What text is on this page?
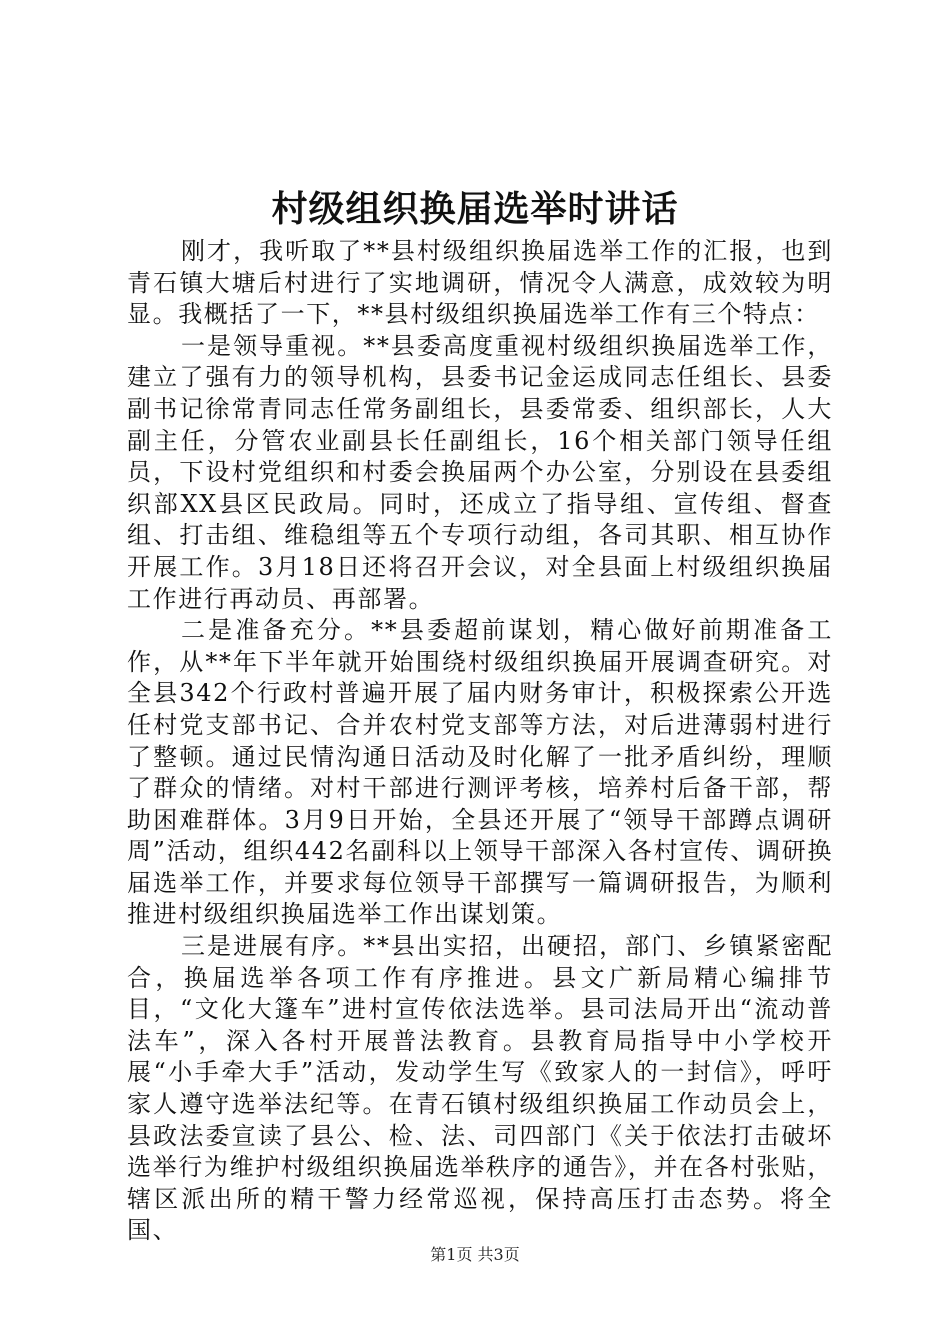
村级组织换届选举时讲话

刚才，我听取了**县村级组织换届选举工作的汇报，也到青石镇大塘后村进行了实地调研，情况令人满意，成效较为明显。我概括了一下，**县村级组织换届选举工作有三个特点：

一是领导重视。**县委高度重视村级组织换届选举工作，建立了强有力的领导机构，县委书记金运成同志任组长、县委副书记徐常青同志任常务副组长，县委常委、组织部长，人大副主任，分管农业副县长任副组长，16个相关部门领导任组员，下设村党组织和村委会换届两个办公室，分别设在县委组织部XX县区民政局。同时，还成立了指导组、宣传组、督查组、打击组、维稳组等五个专项行动组，各司其职、相互协作开展工作。3月18日还将召开会议，对全县面上村级组织换届工作进行再动员、再部署。

二是准备充分。**县委超前谋划，精心做好前期准备工作，从**年下半年就开始围绕村级组织换届开展调查研究。对全县342个行政村普遍开展了届内财务审计，积极探索公开选任村党支部书记、合并农村党支部等方法，对后进薄弱村进行了整顿。通过民情沟通日活动及时化解了一批矛盾纠纷，理顺了群众的情绪。对村干部进行测评考核，培养村后备干部，帮助困难群体。3月9日开始，全县还开展了“领导干部蹲点调研周”活动，组织442名副科以上领导干部深入各村宣传、调研换届选举工作，并要求每位领导干部撰写一篇调研报告，为顺利推进村级组织换届选举工作出谋划策。

三是进展有序。**县出实招，出硬招，部门、乡镇紧密配合，换届选举各项工作有序推进。县文广新局精心编排节目，“文化大篷车”进村宣传依法选举。县司法局开出“流动普法车”，深入各村开展普法教育。县教育局指导中小学校开展“小手牵大手”活动，发动学生写《致家人的一封信》，呼吁家人遵守选举法纪等。在青石镇村级组织换届工作动员会上，县政法委宣读了县公、检、法、司四部门《关于依法打击破坏选举行为维护村级组织换届选举秩序的通告》，并在各村张贴，辖区派出所的精干警力经常巡视，保持高压打击态势。将全国、

第1页 共3页
